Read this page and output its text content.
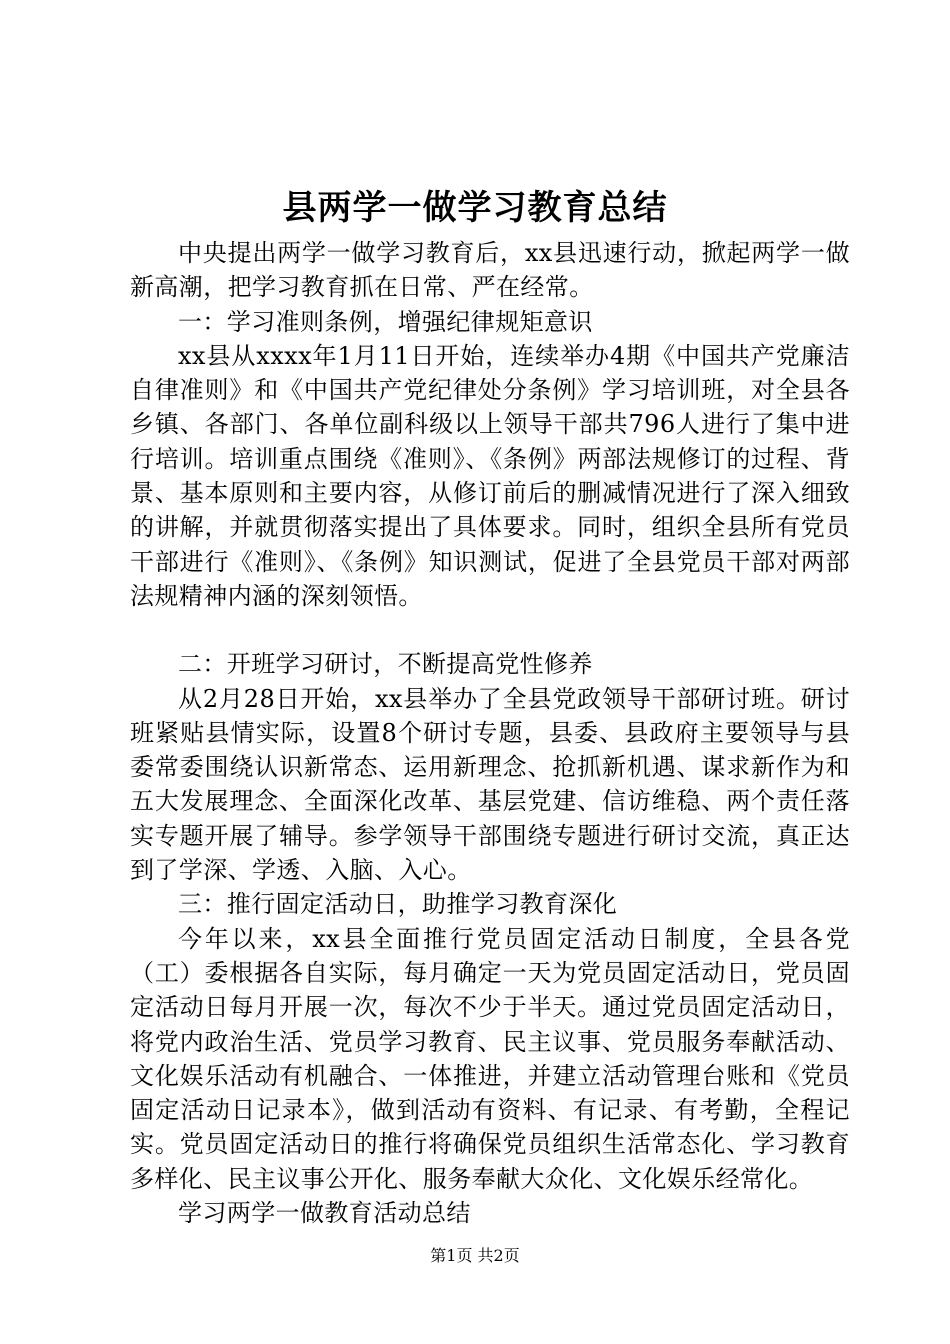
县两学一做学习教育总结

中央提出两学一做学习教育后，xx县迅速行动，掀起两学一做新高潮，把学习教育抓在日常、严在经常。

一：学习准则条例，增强纪律规矩意识

xx县从xxxx年1月11日开始，连续举办4期《中国共产党廉洁自律准则》和《中国共产党纪律处分条例》学习培训班，对全县各乡镇、各部门、各单位副科级以上领导干部共796人进行了集中进行培训。培训重点围绕《准则》、《条例》两部法规修订的过程、背景、基本原则和主要内容，从修订前后的删减情况进行了深入细致的讲解，并就贯彻落实提出了具体要求。同时，组织全县所有党员干部进行《准则》、《条例》知识测试，促进了全县党员干部对两部法规精神内涵的深刻领悟。

二：开班学习研讨，不断提高党性修养

从2月28日开始，xx县举办了全县党政领导干部研讨班。研讨班紧贴县情实际，设置8个研讨专题，县委、县政府主要领导与县委常委围绕认识新常态、运用新理念、抢抓新机遇、谋求新作为和五大发展理念、全面深化改革、基层党建、信访维稳、两个责任落实专题开展了辅导。参学领导干部围绕专题进行研讨交流，真正达到了学深、学透、入脑、入心。

三：推行固定活动日，助推学习教育深化

今年以来，xx县全面推行党员固定活动日制度，全县各党（工）委根据各自实际，每月确定一天为党员固定活动日，党员固定活动日每月开展一次，每次不少于半天。通过党员固定活动日，将党内政治生活、党员学习教育、民主议事、党员服务奉献活动、文化娱乐活动有机融合、一体推进，并建立活动管理台账和《党员固定活动日记录本》，做到活动有资料、有记录、有考勤，全程记实。党员固定活动日的推行将确保党员组织生活常态化、学习教育多样化、民主议事公开化、服务奉献大众化、文化娱乐经常化。

学习两学一做教育活动总结

第1页 共2页
